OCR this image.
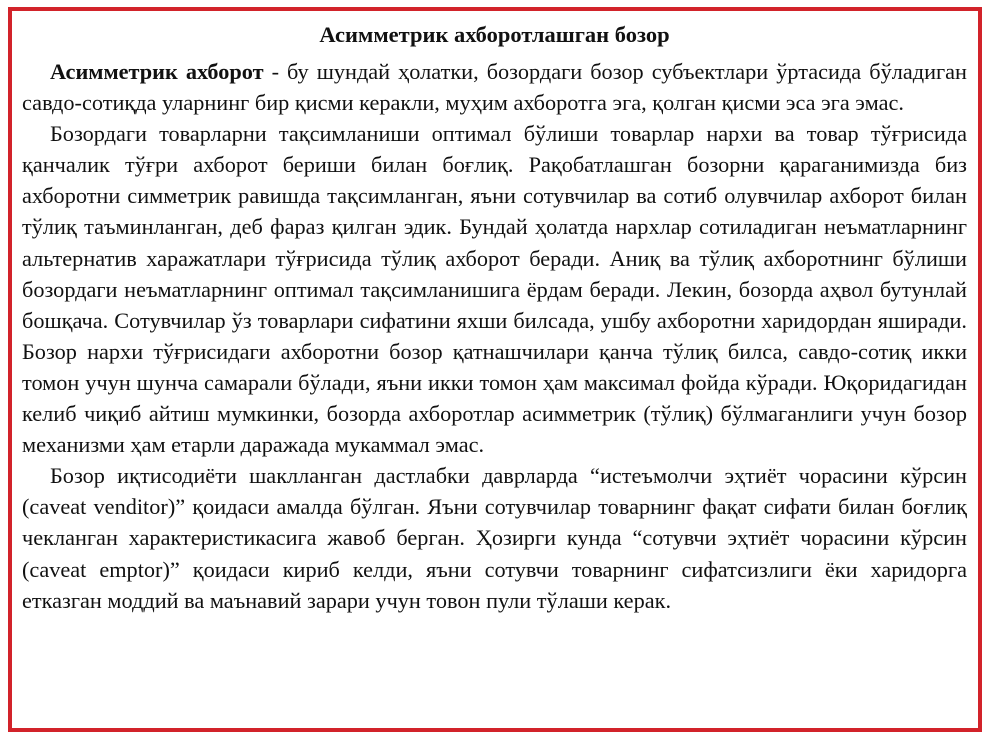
Асимметрик ахборотлашган бозор

Асимметрик ахборот - бу шундай ҳолатки, бозордаги бозор субъектлари ўртасида бўладиган савдо-сотиқда уларнинг бир қисми керакли, муҳим ахборотга эга, қолган қисми эса эга эмас.

Бозордаги товарларни тақсимланиши оптимал бўлиши товарлар нархи ва товар тўғрисида қанчалик тўғри ахборот бериши билан боғлиқ. Рақобатлашган бозорни қараганимизда биз ахборотни симметрик равишда тақсимланган, яъни сотувчилар ва сотиб олувчилар ахборот билан тўлиқ таъминланган, деб фараз қилган эдик. Бундай ҳолатда нархлар сотиладиган неъматларнинг альтернатив харажатлари тўғрисида тўлиқ ахборот беради. Аниқ ва тўлиқ ахборотнинг бўлиши бозордаги неъматларнинг оптимал тақсимланишига ёрдам беради. Лекин, бозорда аҳвол бутунлай бошқача. Сотувчилар ўз товарлари сифатини яхши билсада, ушбу ахборотни харидордан яширади. Бозор нархи тўғрисидаги ахборотни бозор қатнашчилари қанча тўлиқ билса, савдо-сотиқ икки томон учун шунча самарали бўлади, яъни икки томон ҳам максимал фойда кўради. Юқоридагидан келиб чиқиб айтиш мумкинки, бозорда ахборотлар асимметрик (тўлиқ) бўлмаганлиги учун бозор механизми ҳам етарли даражада мукаммал эмас.

Бозор иқтисодиёти шаклланган дастлабки даврларда “истеъмолчи эҳтиёт чорасини кўрсин (caveat venditor)” қоидаси амалда бўлган. Яъни сотувчилар товарнинг фақат сифати билан боғлиқ чекланган характеристикасига жавоб берган. Ҳозирги кунда “сотувчи эҳтиёт чорасини кўрсин (caveat emptor)” қоидаси кириб келди, яъни сотувчи товарнинг сифатсизлиги ёки харидорга етказган моддий ва маънавий зарари учун товон пули тўлаши керак.
